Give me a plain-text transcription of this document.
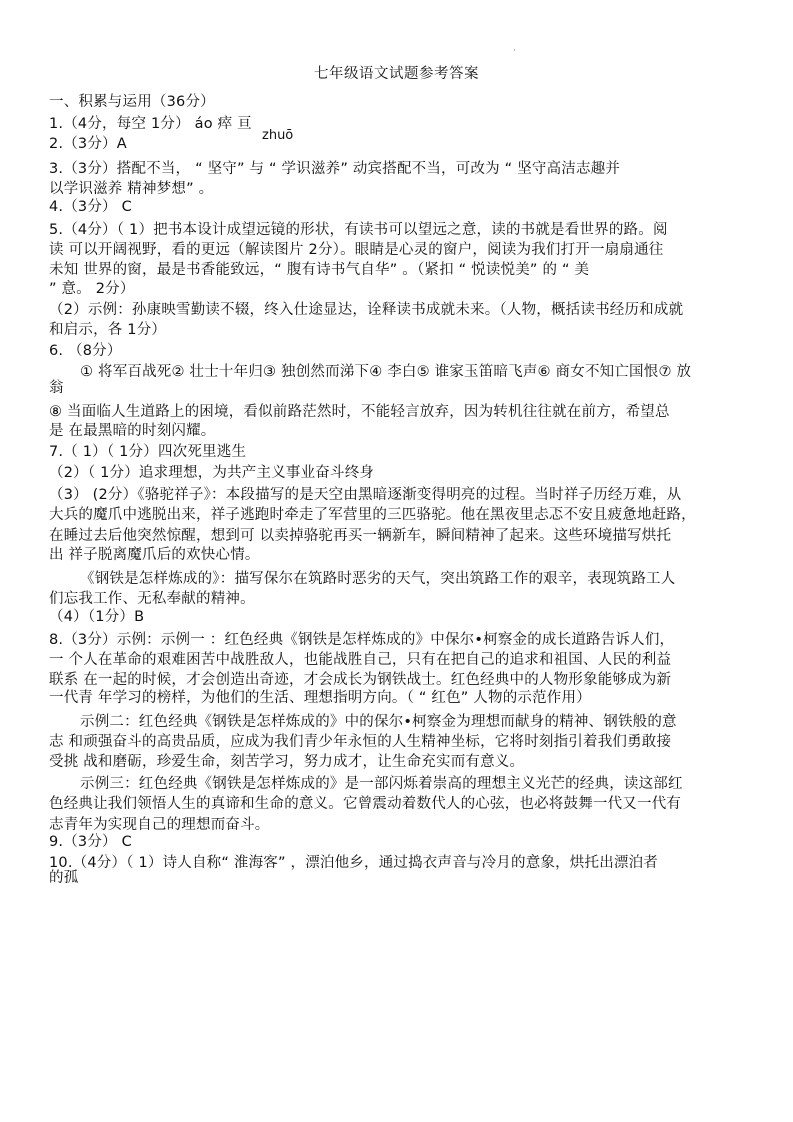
·
七年级语文试题参考答案
zhuō
一、积累与运用（36分）
1.（4分，每空 1分） áo 瘁 亘
2.（3分）A
3.（3分）搭配不当， “ 坚守” 与 “ 学识滋养” 动宾搭配不当，可改为 “ 坚守高洁志趣并
以学识滋养 精神梦想” 。
4.（3分） C
5.（4分）（ 1）把书本设计成望远镜的形状，有读书可以望远之意，读的书就是看世界的路。阅
读 可以开阔视野，看的更远（解读图片 2分）。眼睛是心灵的窗户，阅读为我们打开一扇扇通往
未知 世界的窗，最是书香能致远，“ 腹有诗书气自华” 。（紧扣 “ 悦读悦美” 的 “ 美
” 意。 2分）
（2）示例：孙康映雪勤读不辍，终入仕途显达，诠释读书成就未来。（人物，概括读书经历和成就
和启示，各 1分）
6. （8分）
① 将军百战死② 壮士十年归③ 独创然而涕下④ 李白⑤ 谁家玉笛暗飞声⑥ 商女不知亡国恨⑦ 放
翁
⑧ 当面临人生道路上的困境，看似前路茫然时，不能轻言放弃，因为转机往往就在前方，希望总
是 在最黑暗的时刻闪耀。
7.（ 1）（ 1分）四次死里逃生
（2）（ 1分）追求理想，为共产主义事业奋斗终身
（3） (2分）《骆驼祥子》：本段描写的是天空由黑暗逐渐变得明亮的过程。当时祥子历经万难，从
大兵的魔爪中逃脱出来，祥子逃跑时牵走了军营里的三匹骆驼。他在黑夜里忐忑不安且疲惫地赶路，
在睡过去后他突然惊醒，想到可 以卖掉骆驼再买一辆新车，瞬间精神了起来。这些环境描写烘托
出 祥子脱离魔爪后的欢快心情。
《钢铁是怎样炼成的》：描写保尔在筑路时恶劣的天气，突出筑路工作的艰辛，表现筑路工人
们忘我工作、无私奉献的精神。
（4）（1分）B
8.（3分）示例：示例一 ：红色经典《钢铁是怎样炼成的》中保尔•柯察金的成长道路告诉人们，
一 个人在革命的艰难困苦中战胜敌人，也能战胜自己，只有在把自己的追求和祖国、人民的利益
联系 在一起的时候，才会创造出奇迹，才会成长为钢铁战士。红色经典中的人物形象能够成为新
一代青 年学习的榜样，为他们的生活、理想指明方向。（ “ 红色” 人物的示范作用）
示例二：红色经典《钢铁是怎样炼成的》中的保尔•柯察金为理想而献身的精神、钢铁般的意
志 和顽强奋斗的高贵品质，应成为我们青少年永恒的人生精神坐标，它将时刻指引着我们勇敢接
受挑 战和磨砺，珍爱生命，刻苦学习，努力成才，让生命充实而有意义。
示例三：红色经典《钢铁是怎样炼成的》是一部闪烁着崇高的理想主义光芒的经典，读这部红
色经典让我们领悟人生的真谛和生命的意义。它曾震动着数代人的心弦，也必将鼓舞一代又一代有
志青年为实现自己的理想而奋斗。
9.（3分） C
10.（4分）（ 1）诗人自称“ 淮海客” ，漂泊他乡，通过捣衣声音与冷月的意象，烘托出漂泊者
的孤
